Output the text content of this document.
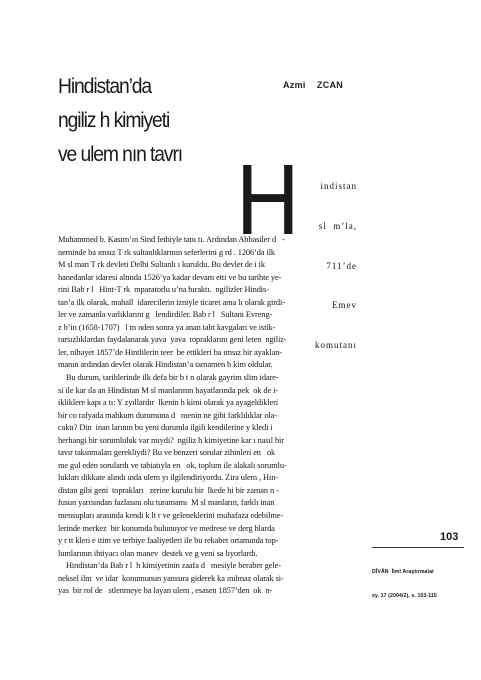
Hindistan’da
ngiliz h kimiyeti
ve ulem nın tavrı
Azmi    ZCAN
H

	indistan

sl  m’la,

711’de

Emev

komutanı

Muhammed b. Kasım’ın Sind fethiyle tanı tı. Ardından Abbasiler d   -
neminde ba ımsız T rk sultanlıklarının seferlerini g rd . 1206’da ilk
M sl man T rk devleti Delhi Sultanlı ı kuruldu. Bu devlet de i ik
hanedanlar idaresi altında 1526’ya kadar devam etti ve bu tarihte ye-
rini Bab r l   Hint-T rk  mparatorlu u’na bıraktı.  ngilizler Hindis-
tan’a ilk olarak, mahall  idarecilerin izniyle ticaret ama lı olarak girdi-
ler ve zamanla varlıklarını g   lendirdiler. Bab r l   Sultanı Evreng-
z b’in (1658-1707)   l m nden sonra ya anan taht kavgaları ve istik-
rarsızlıklardan faydalanarak yava  yava  topraklarını geni leten  ngiliz-
ler, nihayet 1857’de Hintlilerin teer  be ettikleri ba ımsız bir ayaklan-
manın ardından devlet olarak Hindistan’a tamamen h kim oldular.
Bu durum, tarihlerinde ilk defa bir b t n olarak gayrim slim idare-
si ile kar ıla an Hindistan M sl manlarının hayatlarında pek  ok de i-
ikliklere kapı a tı: Y zyıllardır  lkenin h kimi olarak ya ayageldikleri
bir co rafyada mahkum durumuna d   menin ne gibi farklılıklar ola-
caktı? Din  inan larının bu yeni durumla ilgili kendilerine y kledi i
herhangi bir sorumluluk var mıydı?  ngiliz h kimiyetine kar ı nasıl bir
tavır takınmaları gerekliydi? Bu ve benzeri sorular zihinleri en   ok
me gul eden sorulardı ve tabiatıyla en   ok, toplum ile alakalı sorumlu-
lukları dikkate alındı ında ulem yı ilgilendiriyordu. Zira ulem , Hin-
distan gibi geni  toprakları   zerine kurulu bir  lkede hi bir zaman n -
fusun yarısından fazlasını olu turamamı  M sl manların, farklı inan
mensupları arasında kendi k lt r ve geleneklerini muhafaza edebilme-
lerinde merkez  bir konumda bulunuyor ve medrese ve derg hlarda
y r tt kleri e itim ve terbiye faaliyetleri ile bu rekabet ortamında top-
lumlarının ihtiyacı olan manev  destek ve g veni sa lıyorlardı.
Hindistan’da Bab r l  h kimiyetinin zaafa d   mesiyle beraber gele-
neksel ilm  ve idar  konumunun yanısıra giderek ka ınılmaz olarak si-
yas  bir rol de   stlenmeye ba layan ulem , esasen 1857’den  ok  n-
103

DÎVÂN  İlmî Araştırmalar

sy. 17 (2004/2), s. 103-115
